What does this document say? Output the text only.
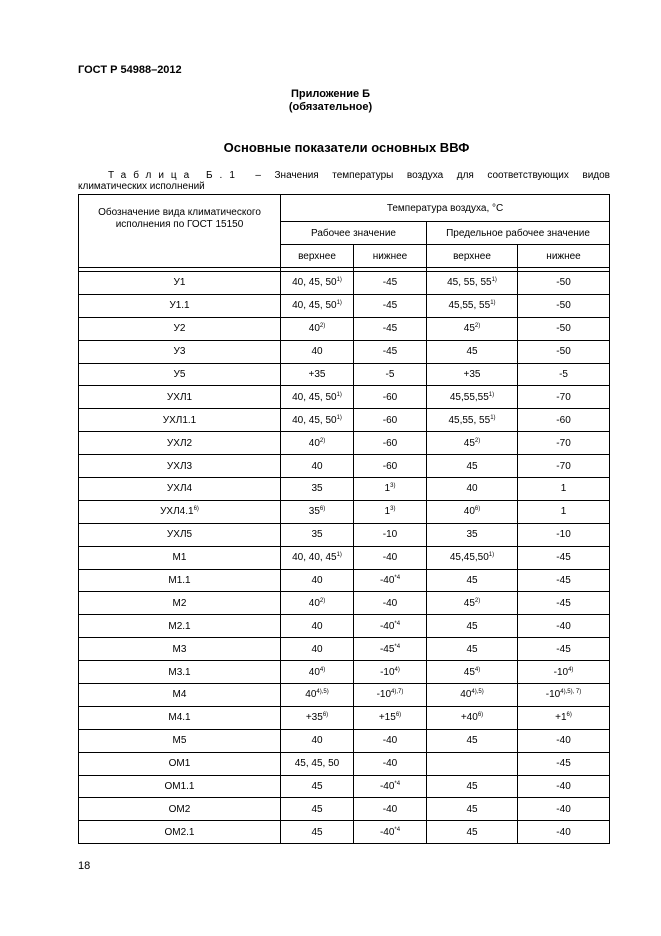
ГОСТ Р 54988–2012
Приложение Б
(обязательное)
Основные показатели основных ВВФ
Таблица Б.1 – Значения температуры воздуха для соответствующих видов
климатических исполнений
Обозначение вида климатического исполнения по ГОСТ 15150	Температура воздуха, °С			
	Рабочее значение		Предельное рабочее значение	
	верхнее	нижнее	верхнее	нижнее

У1	40, 45, 50$^{1)}$	-45	45, 55, 55$^{1)}$	-50
У1.1	40, 45, 50$^{1)}$	-45	45,55, 55$^{1)}$	-50
У2	40$^{2)}$	-45	45$^{2)}$	-50
У3	40	-45	45	-50
У5	+35	-5	+35	-5
УХЛ1	40, 45, 50$^{1)}$	-60	45,55,55$^{1)}$	-70
УХЛ1.1	40, 45, 50$^{1)}$	-60	45,55, 55$^{1)}$	-60
УХЛ2	40$^{2)}$	-60	45$^{2)}$	-70
УХЛ3	40	-60	45	-70
УХЛ4	35	1$^{3)}$	40	1
УХЛ4.1$^{6)}$	35$^{6)}$	1$^{3)}$	40$^{6)}$	1
УХЛ5	35	-10	35	-10
М1	40, 40, 45$^{1)}$	-40	45,45,50$^{1)}$	-45
М1.1	40	-40$^{*4}$	45	-45
М2	40$^{2)}$	-40	45$^{2)}$	-45
М2.1	40	-40$^{*4}$	45	-40
М3	40	-45$^{*4}$	45	-45
М3.1	40$^{4)}$	-10$^{4)}$	45$^{4)}$	-10$^{4)}$
М4	$40^{4),5)}$	$-10^{4),7)}$	$40^{4),5)}$	$-10^{4),5), 7)}$
М4.1	$+35^{6)}$	$+15^{6)}$	$+40^{6)}$	$+1^{6)}$
М5	40	-40	45	-40
ОМ1	45, 45, 50	-40		-45
ОМ1.1	45	-40$^{*4}$	45	-40
ОМ2	45	-40	45	-40
ОМ2.1	45	-40$^{*4}$	45	-40
18
